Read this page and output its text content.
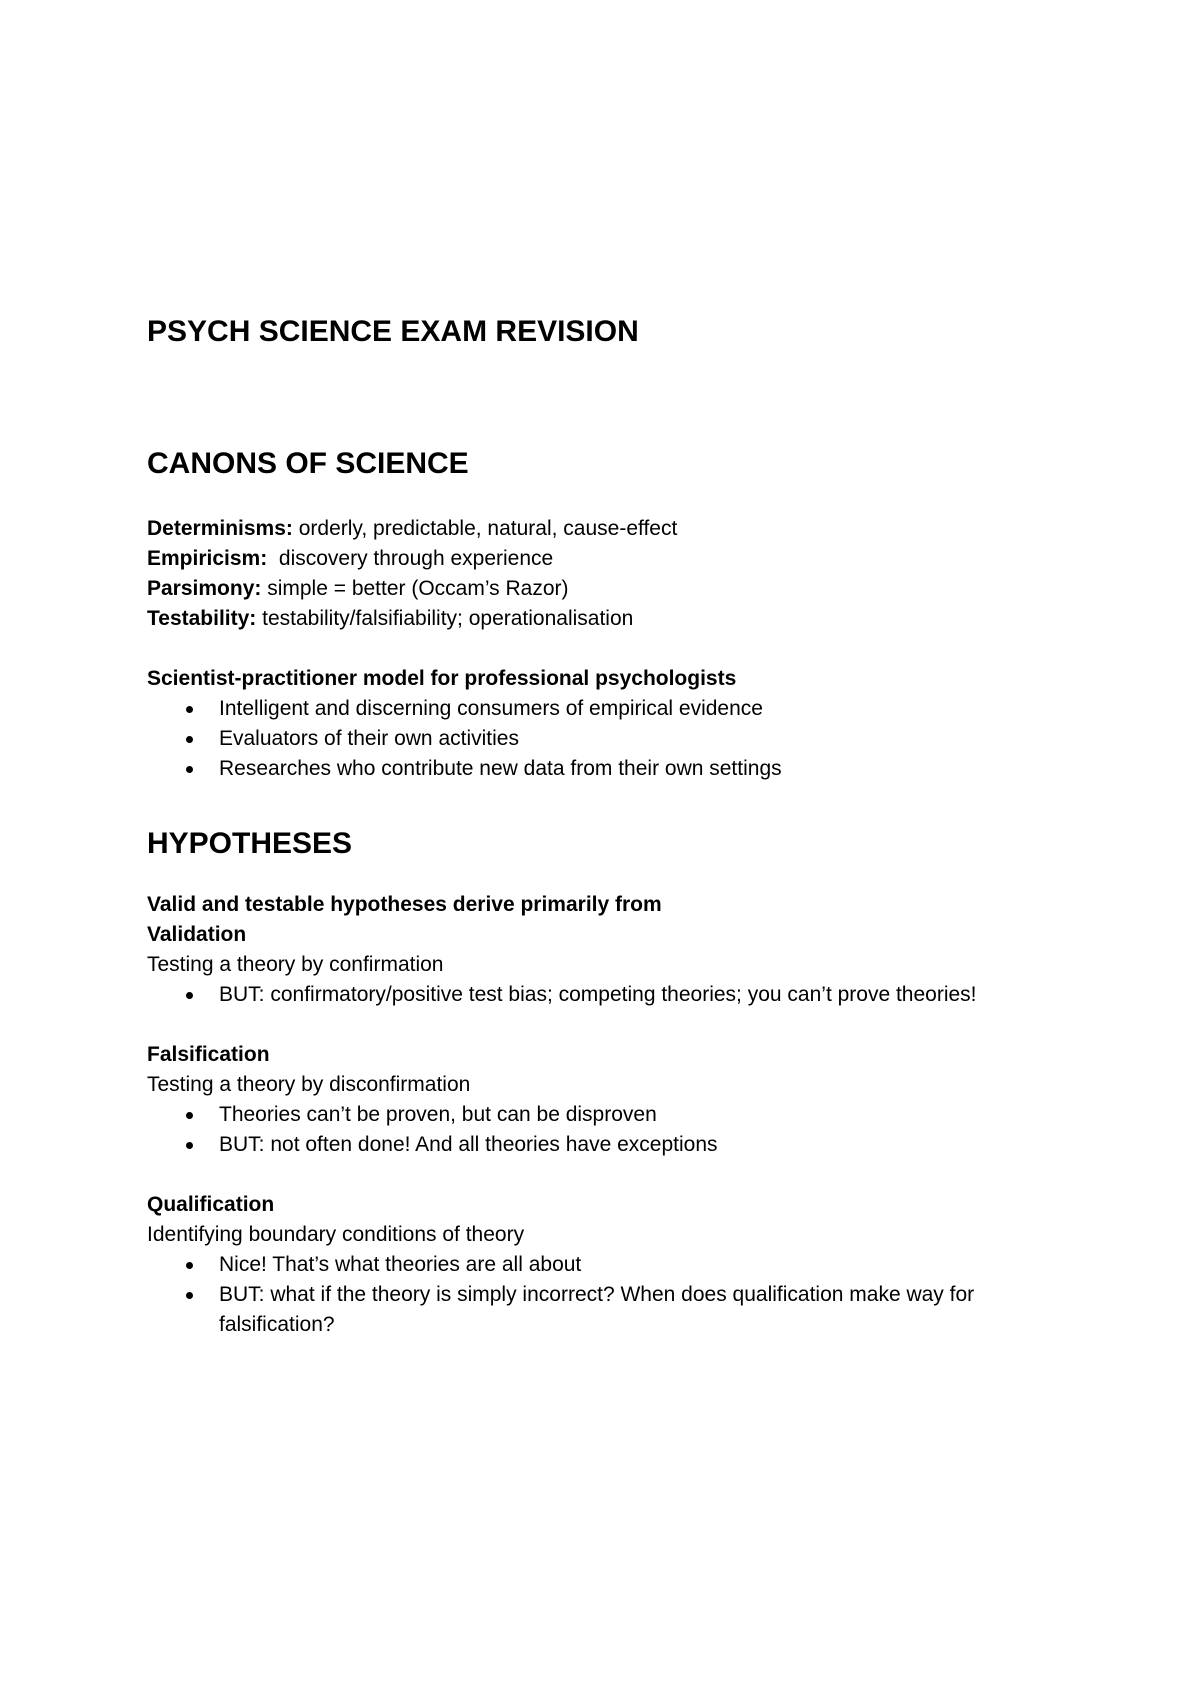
PSYCH SCIENCE EXAM REVISION
CANONS OF SCIENCE

Determinisms: orderly, predictable, natural, cause-effect

Empiricism:  discovery through experience

Parsimony: simple = better (Occam’s Razor)

Testability: testability/falsifiability; operationalisation

Scientist-practitioner model for professional psychologists

Intelligent and discerning consumers of empirical evidence
Evaluators of their own activities
Researches who contribute new data from their own settings
HYPOTHESES

Valid and testable hypotheses derive primarily from

Validation

Testing a theory by confirmation

BUT: confirmatory/positive test bias; competing theories; you can’t prove theories!

Falsification

Testing a theory by disconfirmation

Theories can’t be proven, but can be disproven
BUT: not often done! And all theories have exceptions

Qualification

Identifying boundary conditions of theory

Nice! That’s what theories are all about
BUT: what if the theory is simply incorrect? When does qualification make way for falsification?
